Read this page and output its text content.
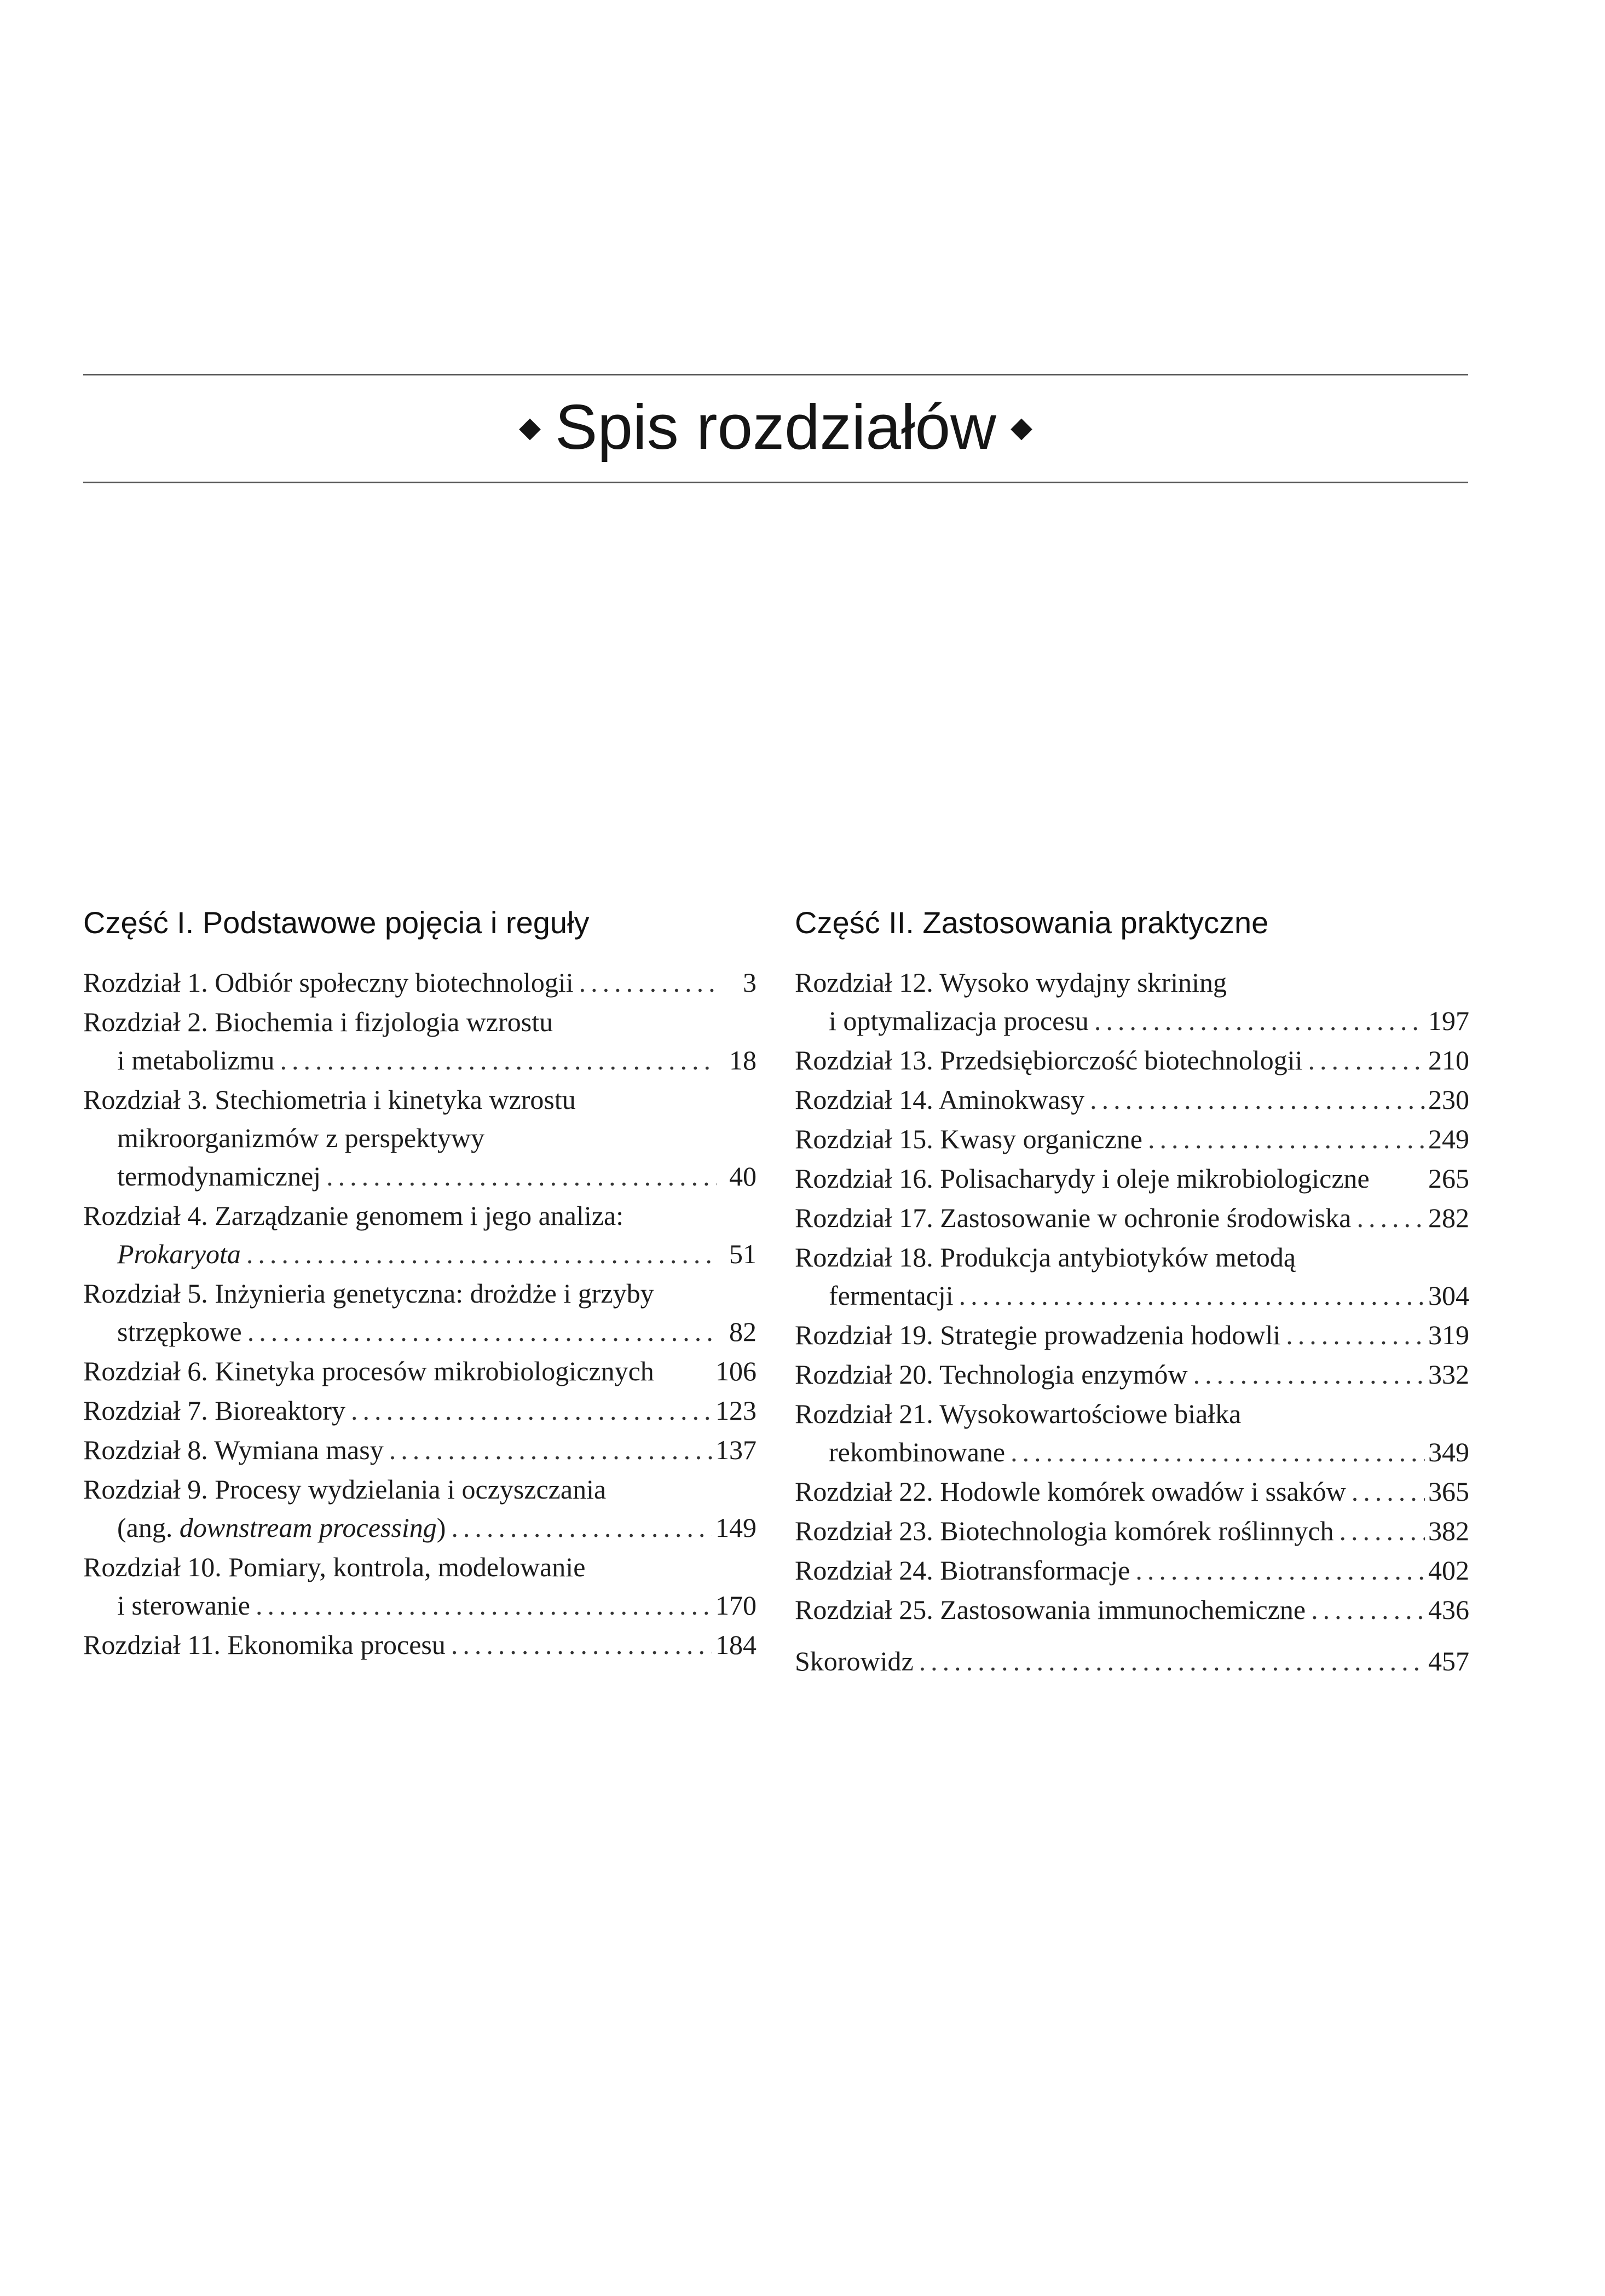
◆ Spis rozdziałów ◆
Część I. Podstawowe pojęcia i reguły
Rozdział 1. Odbiór społeczny biotechnologii .....	3
Rozdział 2. Biochemia i fizjologia wzrostu
i metabolizmu .....	18
Rozdział 3. Stechiometria i kinetyka wzrostu
mikroorganizmów z perspektywy
termodynamicznej .....	40
Rozdział 4. Zarządzanie genomem i jego analiza:
Prokaryota .....	51
Rozdział 5. Inżynieria genetyczna: drożdże i grzyby
strzępkowe .....	82
Rozdział 6. Kinetyka procesów mikrobiologicznych 106
Rozdział 7. Bioreaktory .....	123
Rozdział 8. Wymiana masy .....	137
Rozdział 9. Procesy wydzielania i oczyszczania
(ang. downstream processing) .....	149
Rozdział 10. Pomiary, kontrola, modelowanie
i sterowanie .....	170
Rozdział 11. Ekonomika procesu .....	184
Część II. Zastosowania praktyczne
Rozdział 12. Wysoko wydajny skrining
i optymalizacja procesu .....	197
Rozdział 13. Przedsiębiorczość biotechnologii .....	210
Rozdział 14. Aminokwasy .....	230
Rozdział 15. Kwasy organiczne .....	249
Rozdział 16. Polisacharydy i oleje mikrobiologiczne 265
Rozdział 17. Zastosowanie w ochronie środowiska .....	282
Rozdział 18. Produkcja antybiotyków metodą
fermentacji .....	304
Rozdział 19. Strategie prowadzenia hodowli .....	319
Rozdział 20. Technologia enzymów .....	332
Rozdział 21. Wysokowartościowe białka
rekombinowane .....	349
Rozdział 22. Hodowle komórek owadów i ssaków .....	365
Rozdział 23. Biotechnologia komórek roślinnych .....	382
Rozdział 24. Biotransformacje .....	402
Rozdział 25. Zastosowania immunochemiczne .....	436
Skorowidz .....	457
